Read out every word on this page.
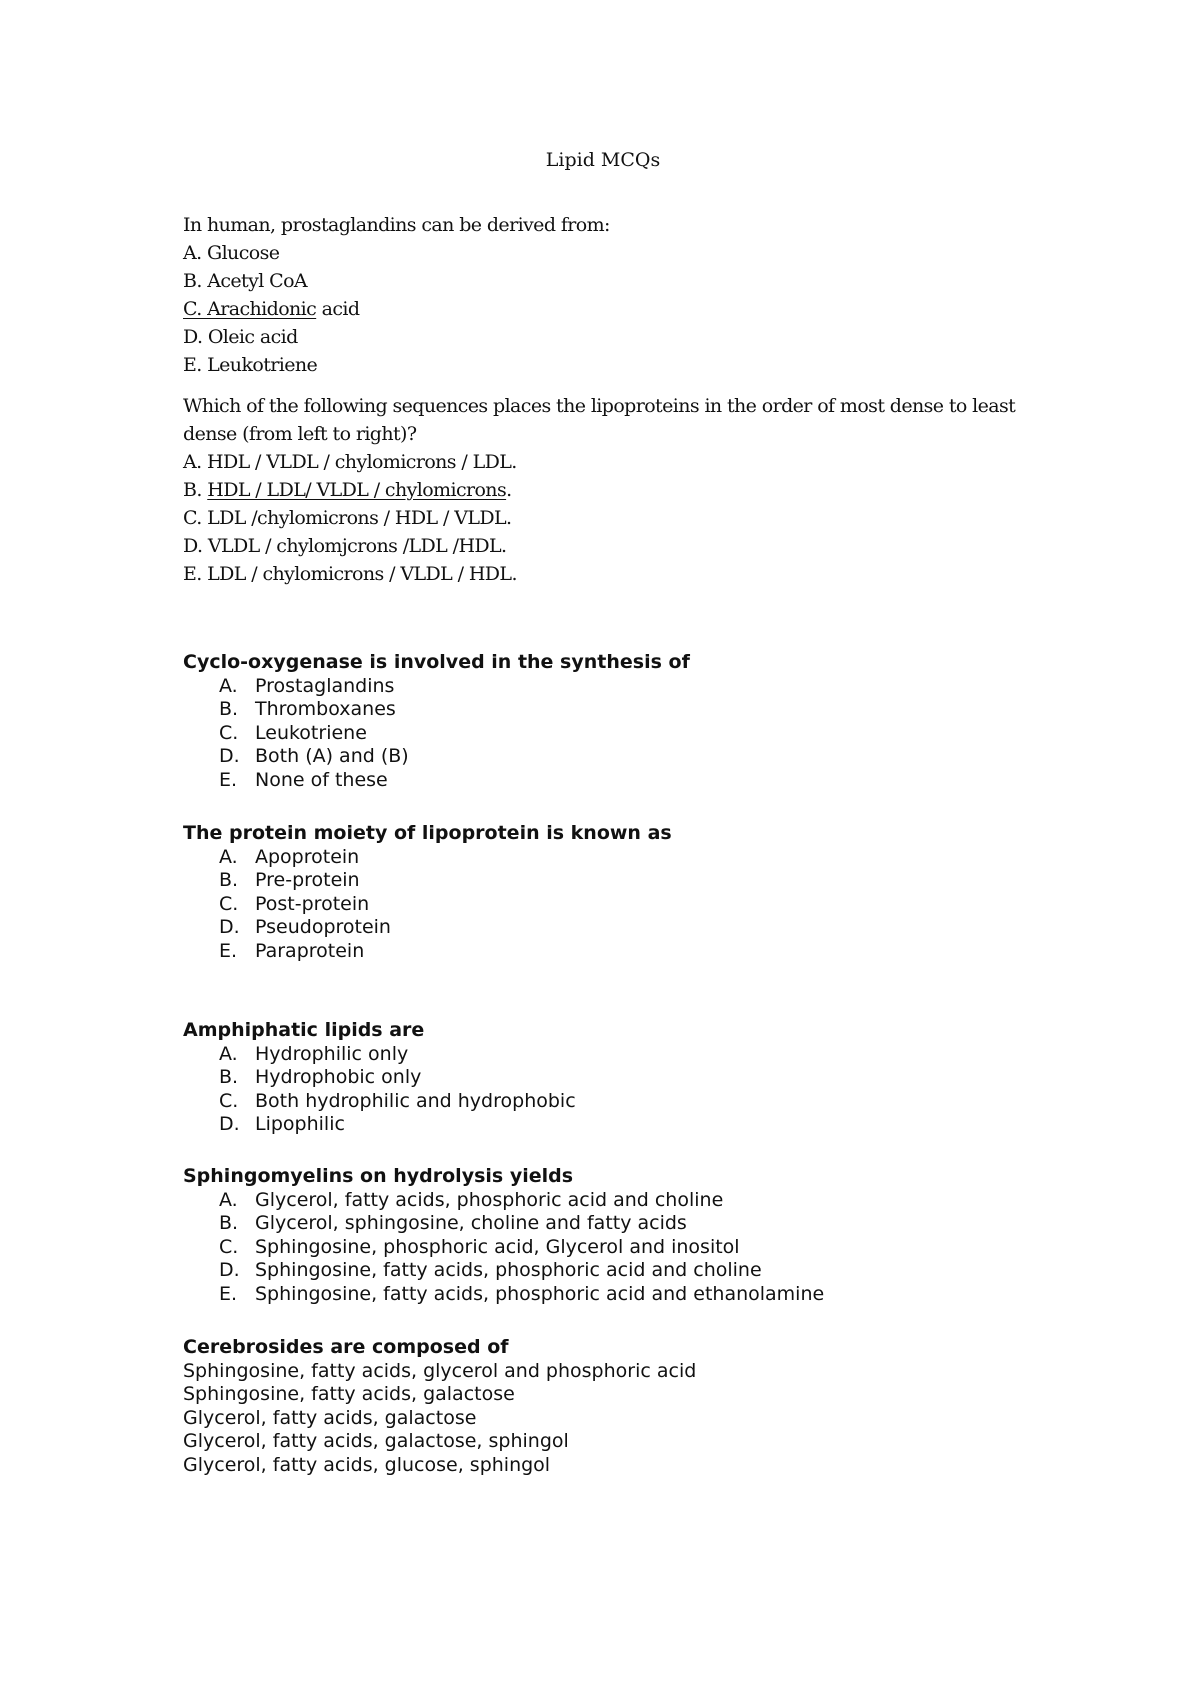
Lipid MCQs
In human, prostaglandins can be derived from:
A. Glucose
B. Acetyl CoA
C. Arachidonic acid
D. Oleic acid
E. Leukotriene
Which of the following sequences places the lipoproteins in the order of most dense to least dense (from left to right)?
A. HDL / VLDL / chylomicrons / LDL.
B. HDL / LDL/ VLDL / chylomicrons.
C. LDL /chylomicrons / HDL / VLDL.
D. VLDL / chylomjcrons /LDL /HDL.
E. LDL / chylomicrons / VLDL / HDL.
Cyclo-oxygenase is involved in the synthesis of
A. Prostaglandins
B. Thromboxanes
C. Leukotriene
D. Both (A) and (B)
E. None of these
The protein moiety of lipoprotein is known as
A. Apoprotein
B. Pre-protein
C. Post-protein
D. Pseudoprotein
E. Paraprotein
Amphiphatic lipids are
A. Hydrophilic only
B. Hydrophobic only
C. Both hydrophilic and hydrophobic
D. Lipophilic
Sphingomyelins on hydrolysis yields
A. Glycerol, fatty acids, phosphoric acid and choline
B. Glycerol, sphingosine, choline and fatty acids
C. Sphingosine, phosphoric acid, Glycerol and inositol
D. Sphingosine, fatty acids, phosphoric acid and choline
E. Sphingosine, fatty acids, phosphoric acid and ethanolamine
Cerebrosides are composed of
Sphingosine, fatty acids, glycerol and phosphoric acid
Sphingosine, fatty acids, galactose
Glycerol, fatty acids, galactose
Glycerol, fatty acids, galactose, sphingol
Glycerol, fatty acids, glucose, sphingol
